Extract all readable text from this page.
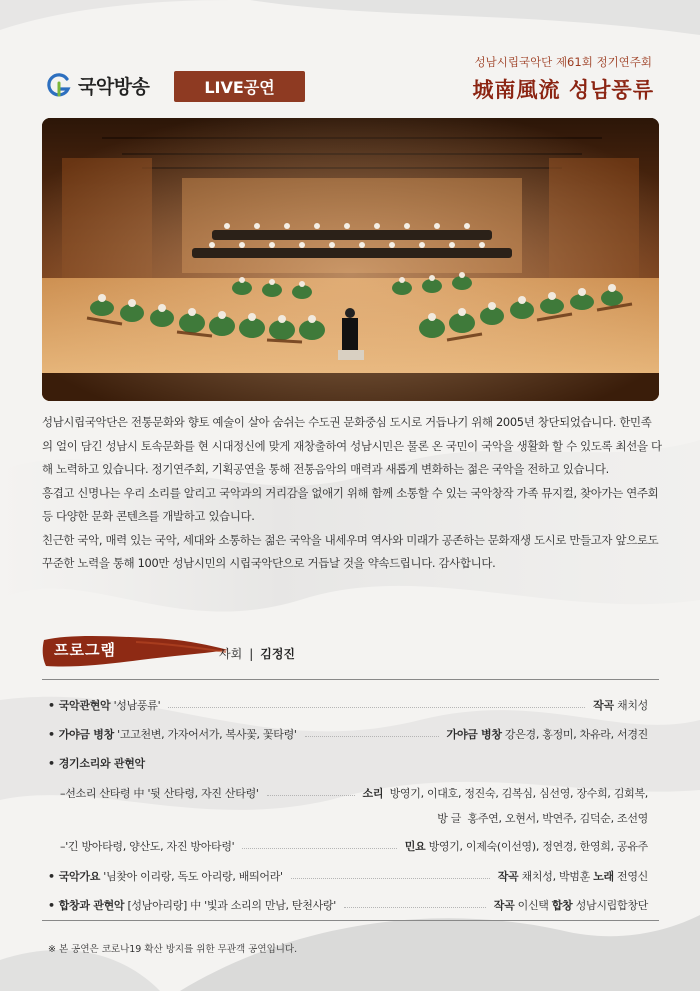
국악방송	LIVE공연
성남시립국악단 제61회 정기연주회
城南風流 성남풍류

성남시립국악단은 전통문화와 향토 예술이 살아 숨쉬는 수도권 문화중심 도시로 거듭나기 위해 2005년 창단되었습니다. 한민족의 얼이 담긴 성남시 토속문화를 현 시대정신에 맞게 재창출하여 성남시민은 물론 온 국민이 국악을 생활화 할 수 있도록 최선을 다해 노력하고 있습니다. 정기연주회, 기획공연을 통해 전통음악의 매력과 새롭게 변화하는 젊은 국악을 전하고 있습니다.

흥겹고 신명나는 우리 소리를 알리고 국악과의 거리감을 없애기 위해 함께 소통할 수 있는 국악창작 가족 뮤지컬, 찾아가는 연주회 등 다양한 문화 콘텐츠를 개발하고 있습니다.

친근한 국악, 매력 있는 국악, 세대와 소통하는 젊은 국악을 내세우며 역사와 미래가 공존하는 문화재생 도시로 만들고자 앞으로도 꾸준한 노력을 통해 100만 성남시민의 시립국악단으로 거듭날 것을 약속드립니다. 감사합니다.

프로그램	사회 | 김정진
• 국악관현악 '성남풍류'	작곡 채치성
• 가야금 병창 '고고천변, 가자어서가, 복사꽃, 꽃타령'	가야금 병창 강은경, 홍정미, 차유라, 서경진
• 경기소리와 관현악
–선소리 산타령 中 '뒷 산타령, 자진 산타령'	소리 방영기, 이대호, 정진숙, 김복심, 심선영, 장수희, 김회복,
방 글 홍주연, 오현서, 박연주, 김덕순, 조선영
–'긴 방아타령, 양산도, 자진 방아타령'	민요 방영기, 이제숙(이선영), 정연경, 한영희, 공유주
• 국악가요 '님찾아 이리랑, 독도 아리랑, 배띄어라'	작곡 채치성, 박범훈 노래 전영신
• 합창과 관현악 [성남아리랑] 中 '빛과 소리의 만남, 탄천사랑'	작곡 이신택 합창 성남시립합창단
※ 본 공연은 코로나19 확산 방지를 위한 무관객 공연입니다.
